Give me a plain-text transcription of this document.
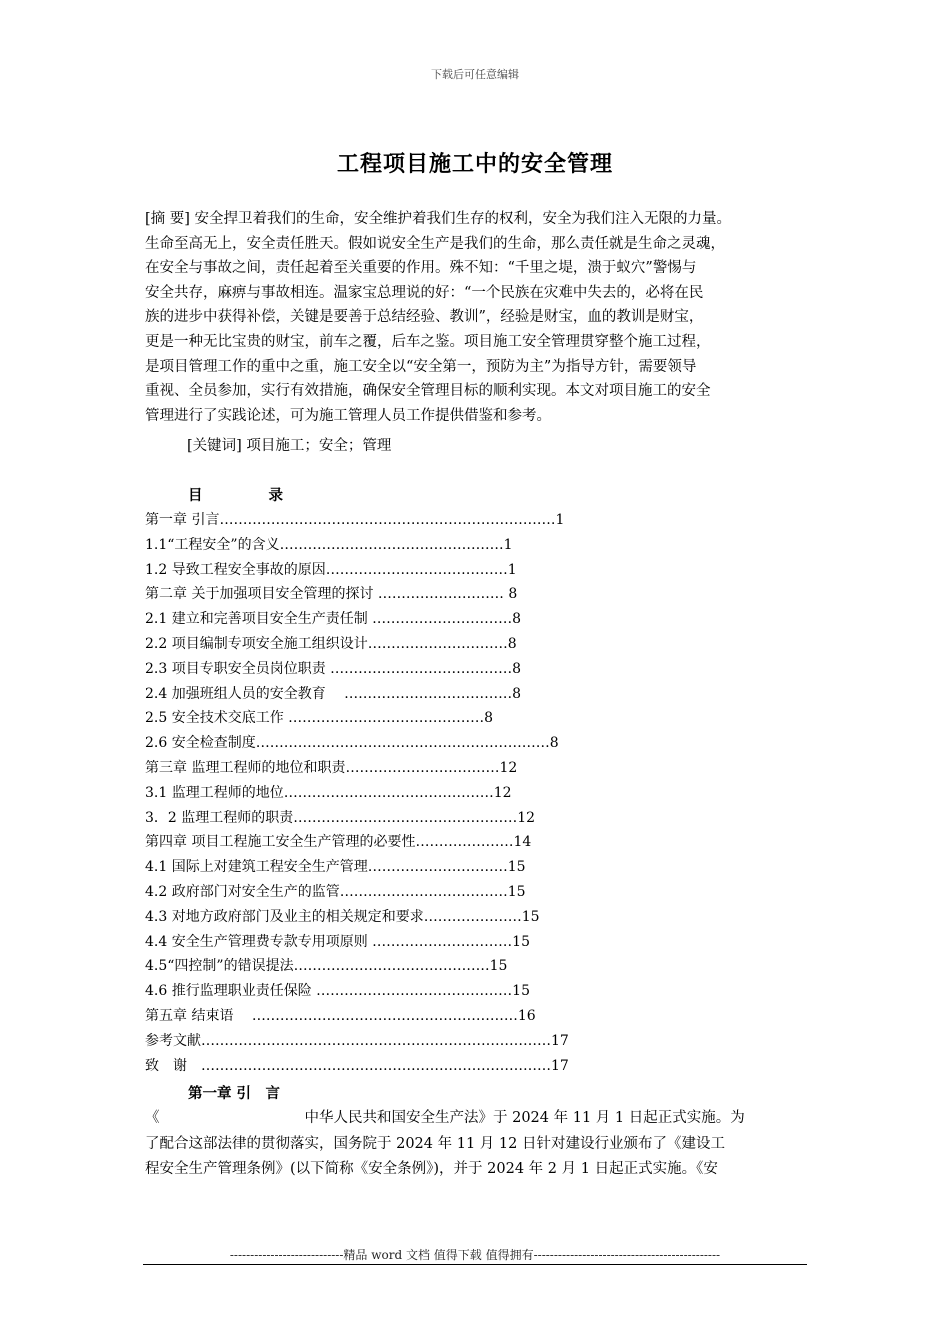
下载后可任意编辑
工程项目施工中的安全管理
[摘 要] 安全捍卫着我们的生命，安全维护着我们生存的权利，安全为我们注入无限的力量。
生命至高无上，安全责任胜天。假如说安全生产是我们的生命，那么责任就是生命之灵魂，
在安全与事故之间，责任起着至关重要的作用。殊不知：“千里之堤，溃于蚁穴”警惕与
安全共存，麻痹与事故相连。温家宝总理说的好：“一个民族在灾难中失去的，必将在民
族的进步中获得补偿，关键是要善于总结经验、教训”，经验是财宝，血的教训是财宝，
更是一种无比宝贵的财宝，前车之覆，后车之鉴。项目施工安全管理贯穿整个施工过程，
是项目管理工作的重中之重，施工安全以“安全第一，预防为主”为指导方针，需要领导
重视、全员参加，实行有效措施，确保安全管理目标的顺利实现。本文对项目施工的安全
管理进行了实践论述，可为施工管理人员工作提供借鉴和参考。
[关键词] 项目施工；安全；管理
目	录
第一章 引言………………………………………………………………1
1.1“工程安全”的含义…………………………………………1
1.2 导致工程安全事故的原因…………………………………1
第二章 关于加强项目安全管理的探讨 ……………………… 8
2.1 建立和完善项目安全生产责任制 …………………………8
2.2 项目编制专项安全施工组织设计…………………………8
2.3 项目专职安全员岗位职责 …………………………………8
2.4 加强班组人员的安全教育　 ………………………………8
2.5 安全技术交底工作 ……………………………………8
2.6 安全检查制度………………………………………………………8
第三章 监理工程师的地位和职责……………………………12
3.1 监理工程师的地位………………………………………12
3．2 监理工程师的职责…………………………………………12
第四章 项目工程施工安全生产管理的必要性…………………14
4.1 国际上对建筑工程安全生产管理…………………………15
4.2 政府部门对安全生产的监管………………………………15
4.3 对地方政府部门及业主的相关规定和要求…………………15
4.4 安全生产管理费专款专用项原则 …………………………15
4.5“四控制”的错误提法……………………………………15
4.6 推行监理职业责任保险 ……………………………………15
第五章 结束语　 …………………………………………………16
参考文献…………………………………………………………………17
致　谢　…………………………………………………………………17
第一章 引　言
《　　　　　　　　　　中华人民共和国安全生产法》于 2024 年 11 月 1 日起正式实施。为
了配合这部法律的贯彻落实，国务院于 2024 年 11 月 12 日针对建设行业颁布了《建设工
程安全生产管理条例》(以下简称《安全条例》)，并于 2024 年 2 月 1 日起正式实施。《安
----------------------------精品 word 文档 值得下载 值得拥有----------------------------------------------
